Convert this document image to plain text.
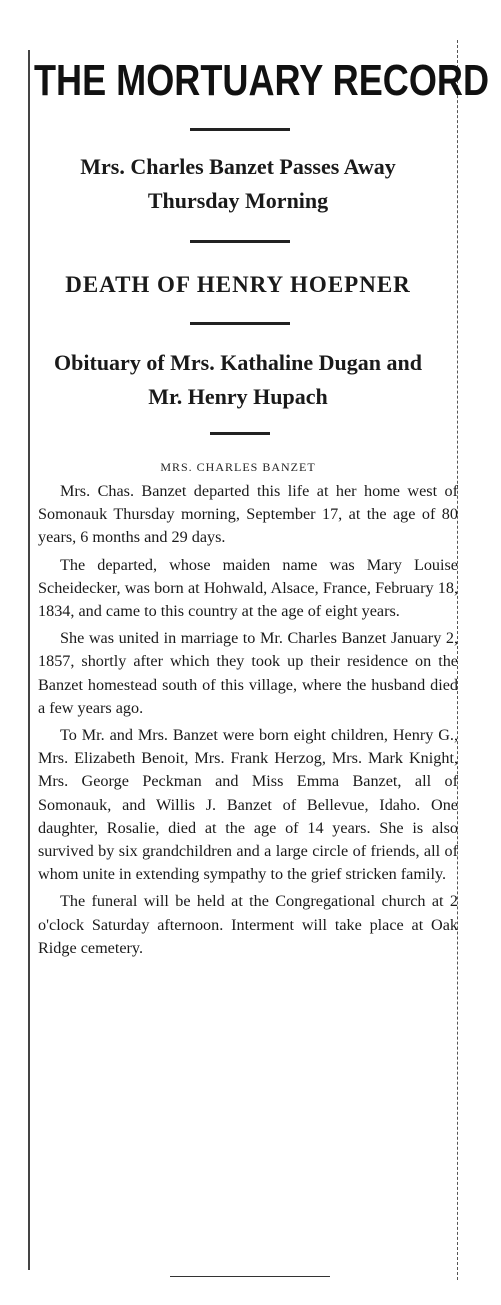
THE MORTUARY RECORD
Mrs. Charles Banzet Passes Away Thursday Morning
DEATH OF HENRY HOEPNER
Obituary of Mrs. Kathaline Dugan and Mr. Henry Hupach
MRS. CHARLES BANZET

Mrs. Chas. Banzet departed this life at her home west of Somonauk Thursday morning, September 17, at the age of 80 years, 6 months and 29 days.

The departed, whose maiden name was Mary Louise Scheidecker, was born at Hohwald, Alsace, France, February 18, 1834, and came to this country at the age of eight years.

She was united in marriage to Mr. Charles Banzet January 2, 1857, shortly after which they took up their residence on the Banzet homestead south of this village, where the husband died a few years ago.

To Mr. and Mrs. Banzet were born eight children, Henry G., Mrs. Elizabeth Benoit, Mrs. Frank Herzog, Mrs. Mark Knight, Mrs. George Peckman and Miss Emma Banzet, all of Somonauk, and Willis J. Banzet of Bellevue, Idaho. One daughter, Rosalie, died at the age of 14 years. She is also survived by six grandchildren and a large circle of friends, all of whom unite in extending sympathy to the grief stricken family.

The funeral will be held at the Congregational church at 2 o'clock Saturday afternoon. Interment will take place at Oak Ridge cemetery.
